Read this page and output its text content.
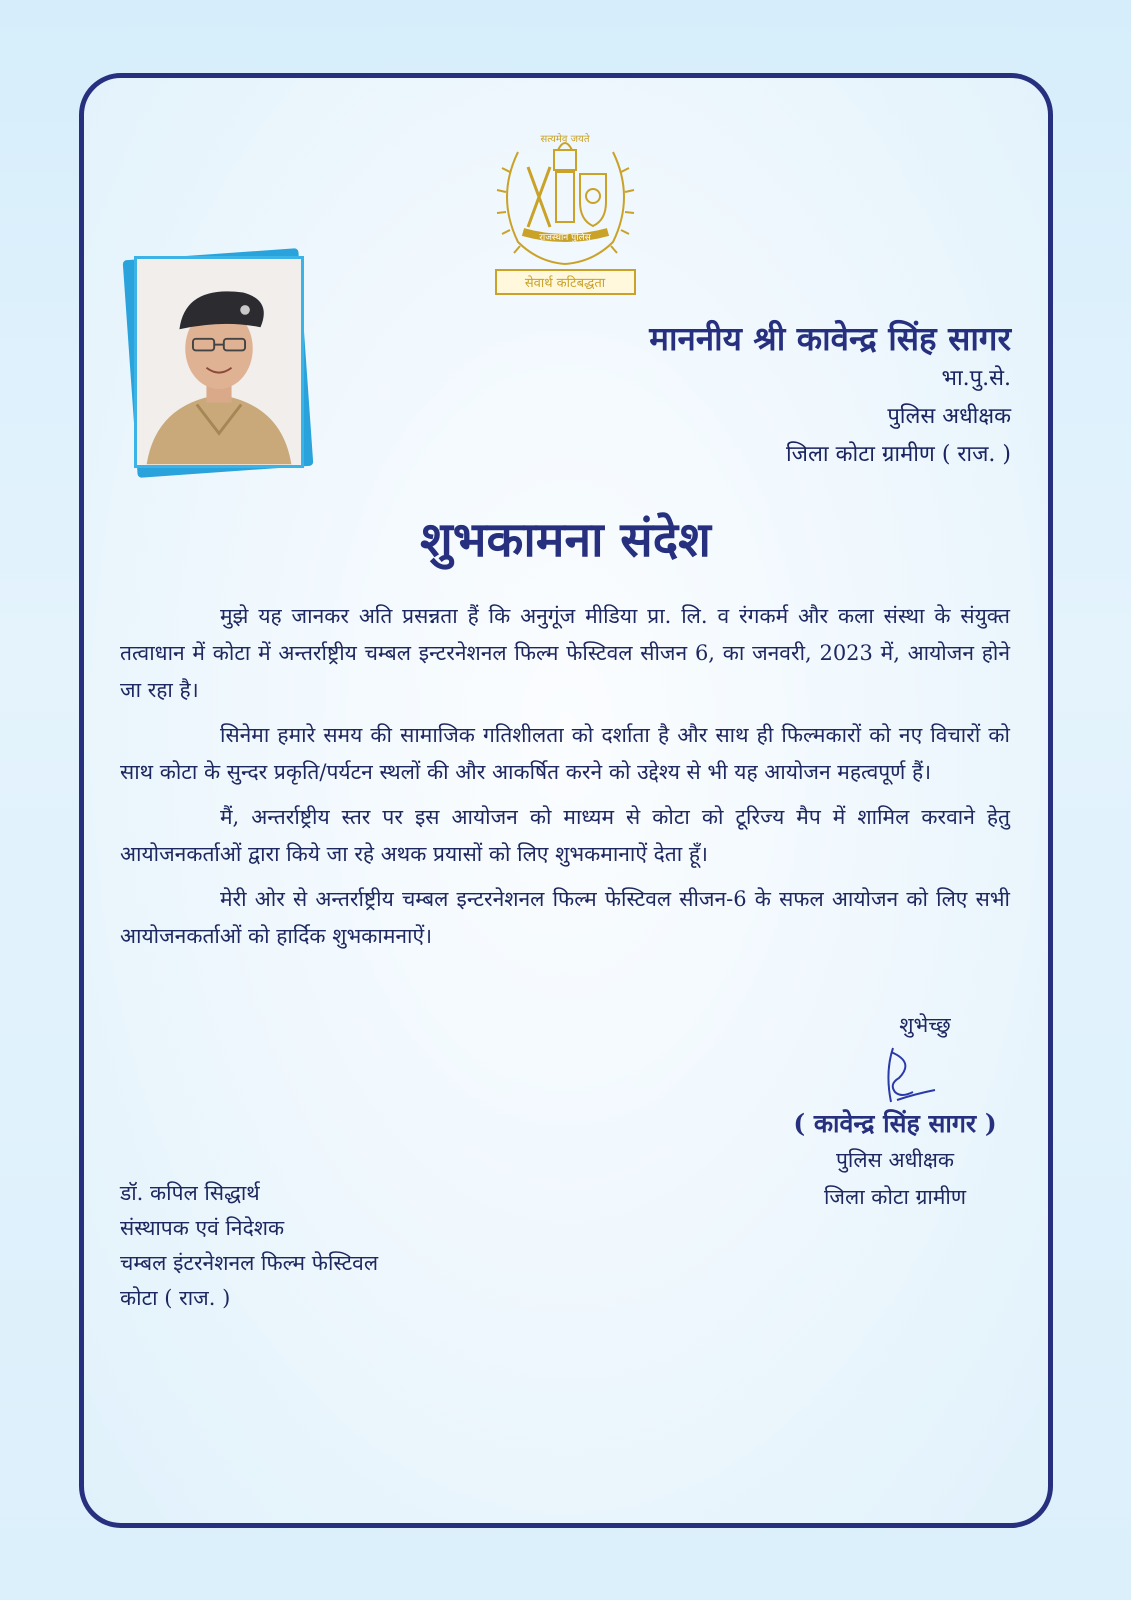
सत्यमेव जयते
राजस्थान पुलिस
सेवार्थ कटिबद्धता
माननीय श्री कावेन्द्र सिंह सागर
भा.पु.से.
पुलिस अधीक्षक
जिला कोटा ग्रामीण ( राज. )
शुभकामना संदेश

मुझे यह जानकर अति प्रसन्नता हैं कि अनुगूंज मीडिया प्रा. लि. व रंगकर्म और कला संस्था के संयुक्त तत्वाधान में कोटा में अन्तर्राष्ट्रीय चम्बल इन्टरनेशनल फिल्म फेस्टिवल सीजन 6, का जनवरी, 2023 में, आयोजन होने जा रहा है।

सिनेमा हमारे समय की सामाजिक गतिशीलता को दर्शाता है और साथ ही फिल्मकारों को नए विचारों को साथ कोटा के सुन्दर प्रकृति/पर्यटन स्थलों की और आकर्षित करने को उद्देश्य से भी यह आयोजन महत्वपूर्ण हैं।

मैं, अन्तर्राष्ट्रीय स्तर पर इस आयोजन को माध्यम से कोटा को टूरिज्य मैप में शामिल करवाने हेतु आयोजनकर्ताओं द्वारा किये जा रहे अथक प्रयासों को लिए शुभकमानाऐं देता हूँ।

मेरी ओर से अन्तर्राष्ट्रीय चम्बल इन्टरनेशनल फिल्म फेस्टिवल सीजन-6 के सफल आयोजन को लिए सभी आयोजनकर्ताओं को हार्दिक शुभकामनाऐं।

शुभेच्छु
( कावेन्द्र सिंह सागर )
पुलिस अधीक्षक
जिला कोटा ग्रामीण
डॉ. कपिल सिद्धार्थ
संस्थापक एवं निदेशक
चम्बल इंटरनेशनल फिल्म फेस्टिवल
कोटा ( राज. )
